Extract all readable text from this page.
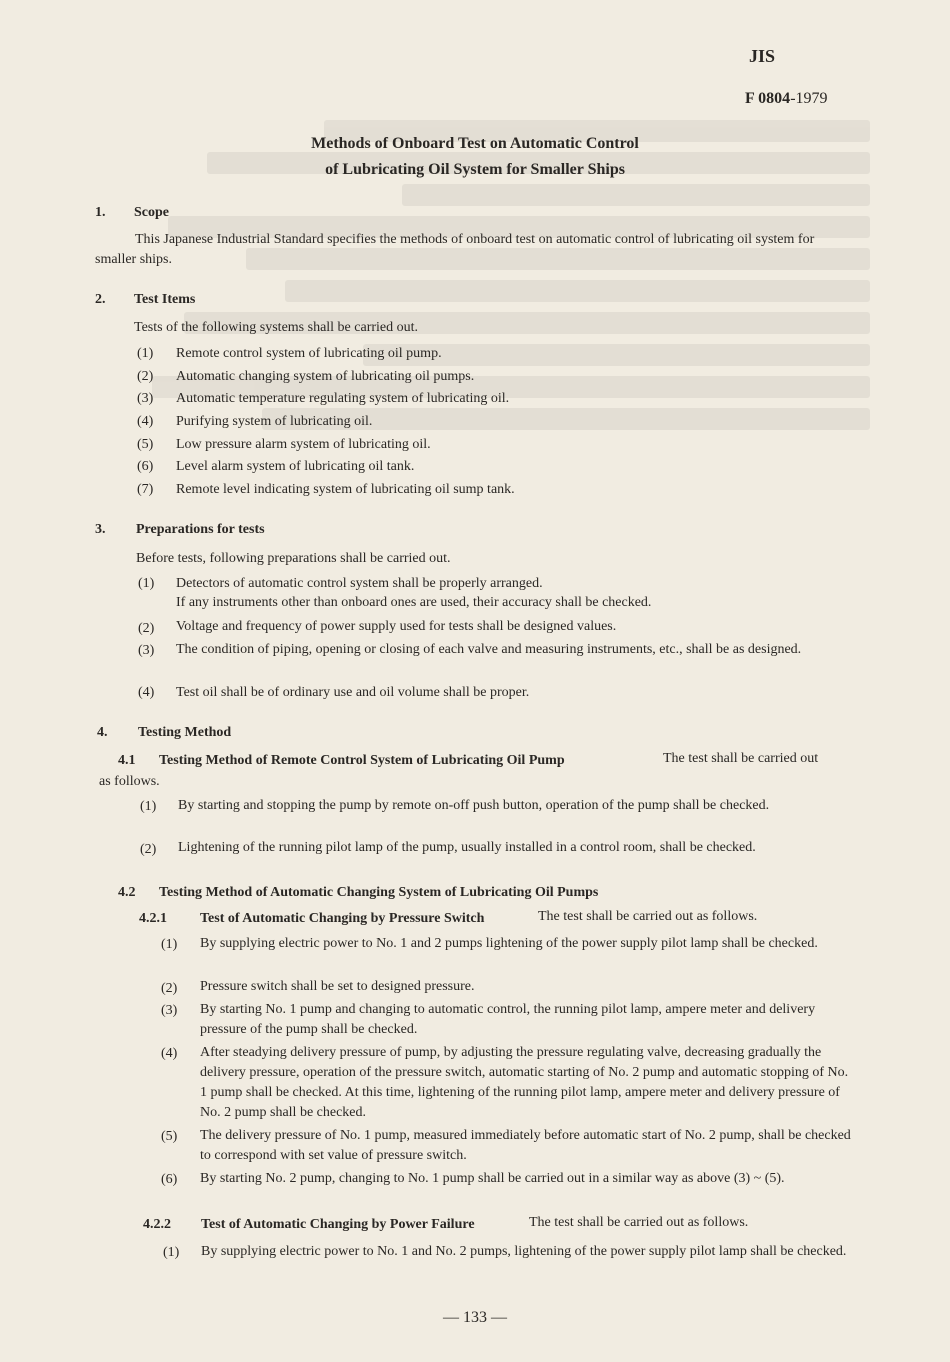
JIS
F 0804-1979
Methods of Onboard Test on Automatic Control
of Lubricating Oil System for Smaller Ships
1. Scope
This Japanese Industrial Standard specifies the methods of onboard test on automatic control of lubricating oil system for smaller ships.
2. Test Items
Tests of the following systems shall be carried out.
(1) Remote control system of lubricating oil pump.
(2) Automatic changing system of lubricating oil pumps.
(3) Automatic temperature regulating system of lubricating oil.
(4) Purifying system of lubricating oil.
(5) Low pressure alarm system of lubricating oil.
(6) Level alarm system of lubricating oil tank.
(7) Remote level indicating system of lubricating oil sump tank.
3. Preparations for tests
Before tests, following preparations shall be carried out.
(1) Detectors of automatic control system shall be properly arranged.
If any instruments other than onboard ones are used, their accuracy shall be checked.
(2) Voltage and frequency of power supply used for tests shall be designed values.
(3) The condition of piping, opening or closing of each valve and measuring instruments, etc., shall be as designed.
(4) Test oil shall be of ordinary use and oil volume shall be proper.
4. Testing Method
4.1 Testing Method of Remote Control System of Lubricating Oil Pump	The test shall be carried out
as follows.
(1) By starting and stopping the pump by remote on-off push button, operation of the pump shall be checked.
(2) Lightening of the running pilot lamp of the pump, usually installed in a control room, shall be checked.
4.2 Testing Method of Automatic Changing System of Lubricating Oil Pumps
4.2.1 Test of Automatic Changing by Pressure Switch	The test shall be carried out as follows.
(1) By supplying electric power to No. 1 and 2 pumps lightening of the power supply pilot lamp shall be checked.
(2) Pressure switch shall be set to designed pressure.
(3) By starting No. 1 pump and changing to automatic control, the running pilot lamp, ampere meter and delivery pressure of the pump shall be checked.
(4) After steadying delivery pressure of pump, by adjusting the pressure regulating valve, decreasing gradually the delivery pressure, operation of the pressure switch, automatic starting of No. 2 pump and automatic stopping of No. 1 pump shall be checked. At this time, lightening of the running pilot lamp, ampere meter and delivery pressure of No. 2 pump shall be checked.
(5) The delivery pressure of No. 1 pump, measured immediately before automatic start of No. 2 pump, shall be checked to correspond with set value of pressure switch.
(6) By starting No. 2 pump, changing to No. 1 pump shall be carried out in a similar way as above (3) ~ (5).
4.2.2 Test of Automatic Changing by Power Failure	The test shall be carried out as follows.
(1) By supplying electric power to No. 1 and No. 2 pumps, lightening of the power supply pilot lamp shall be checked.
— 133 —
